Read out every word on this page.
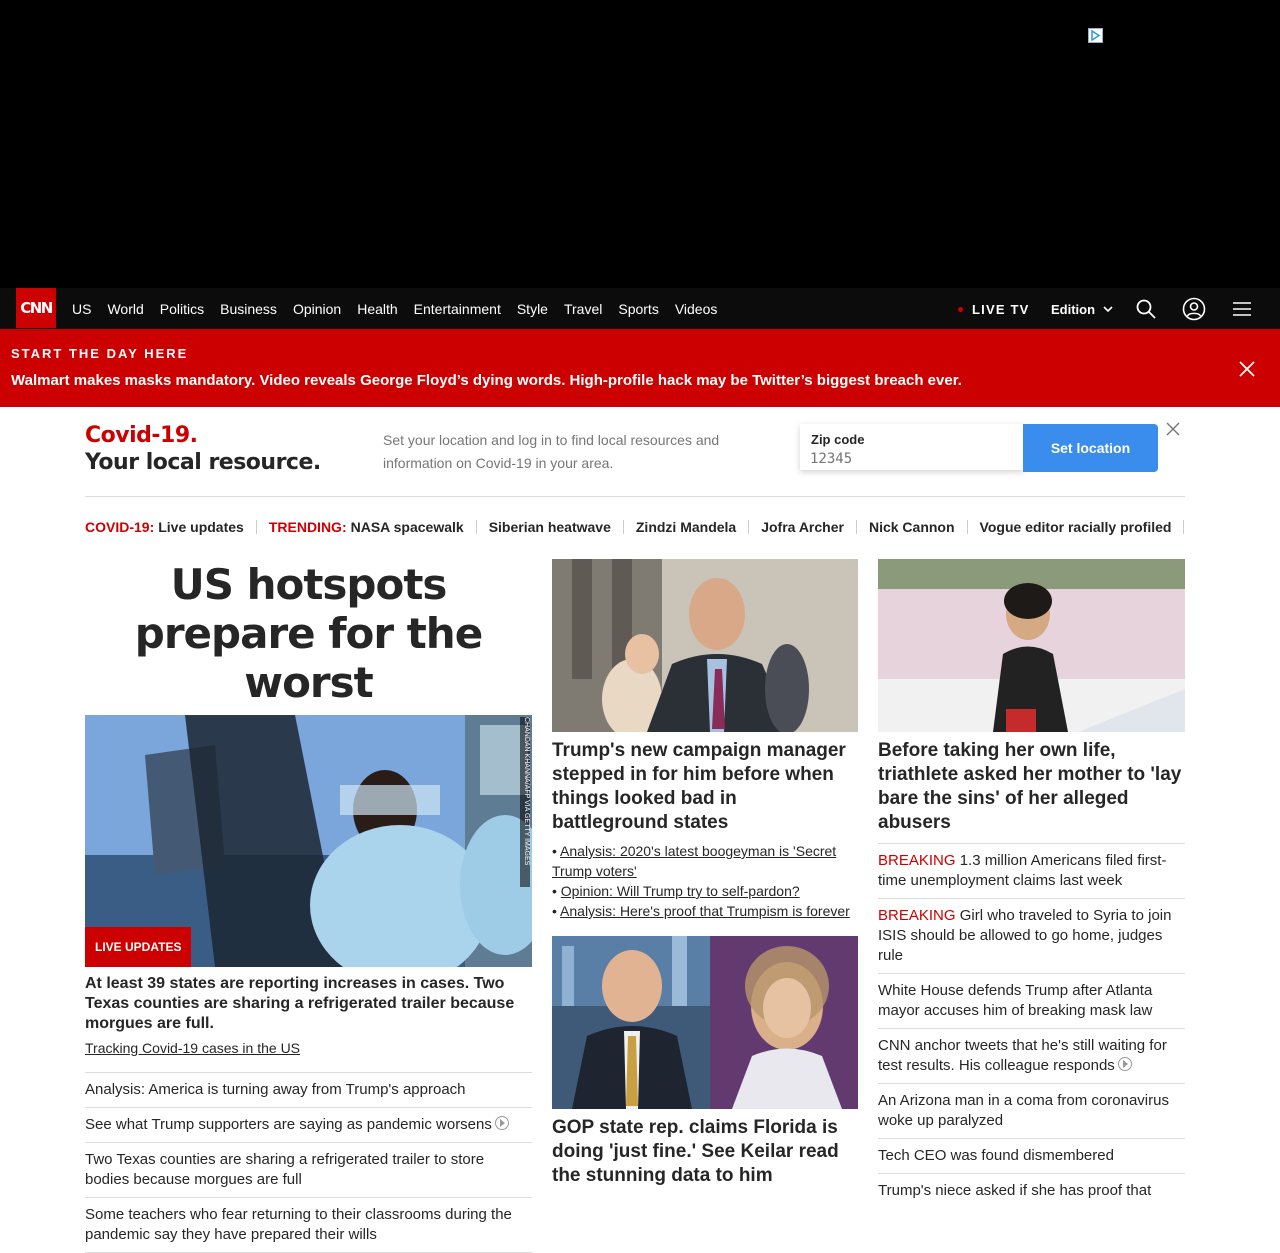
CNN US World Politics Business Opinion Health Entertainment Style Travel Sports Videos	LIVE TV Edition
START THE DAY HERE
Walmart makes masks mandatory. Video reveals George Floyd’s dying words. High-profile hack may be Twitter’s biggest breach ever.
Covid-19.
Your local resource.
Set your location and log in to find local resources and information on Covid-19 in your area.
Zip code
12345
Set location
COVID-19: Live updates TRENDING: NASA spacewalk Siberian heatwave Zindzi Mandela Jofra Archer Nick Cannon Vogue editor racially profiled
US hotspots prepare for the worst
CHANDAN KHANNA/AFP VIA GETTY IMAGES
LIVE UPDATES
At least 39 states are reporting increases in cases. Two Texas counties are sharing a refrigerated trailer because morgues are full.
Tracking Covid-19 cases in the US
Analysis: America is turning away from Trump's approach
See what Trump supporters are saying as pandemic worsens
Two Texas counties are sharing a refrigerated trailer to store bodies because morgues are full
Some teachers who fear returning to their classrooms during the pandemic say they have prepared their wills
Trump's new campaign manager stepped in for him before when things looked bad in battleground states
• Analysis: 2020's latest boogeyman is 'Secret Trump voters'
• Opinion: Will Trump try to self-pardon?
• Analysis: Here's proof that Trumpism is forever
GOP state rep. claims Florida is doing 'just fine.' See Keilar read the stunning data to him
Before taking her own life, triathlete asked her mother to 'lay bare the sins' of her alleged abusers
BREAKING 1.3 million Americans filed first-time unemployment claims last week
BREAKING Girl who traveled to Syria to join ISIS should be allowed to go home, judges rule
White House defends Trump after Atlanta mayor accuses him of breaking mask law
CNN anchor tweets that he's still waiting for test results. His colleague responds
An Arizona man in a coma from coronavirus woke up paralyzed
Tech CEO was found dismembered
Trump's niece asked if she has proof that
